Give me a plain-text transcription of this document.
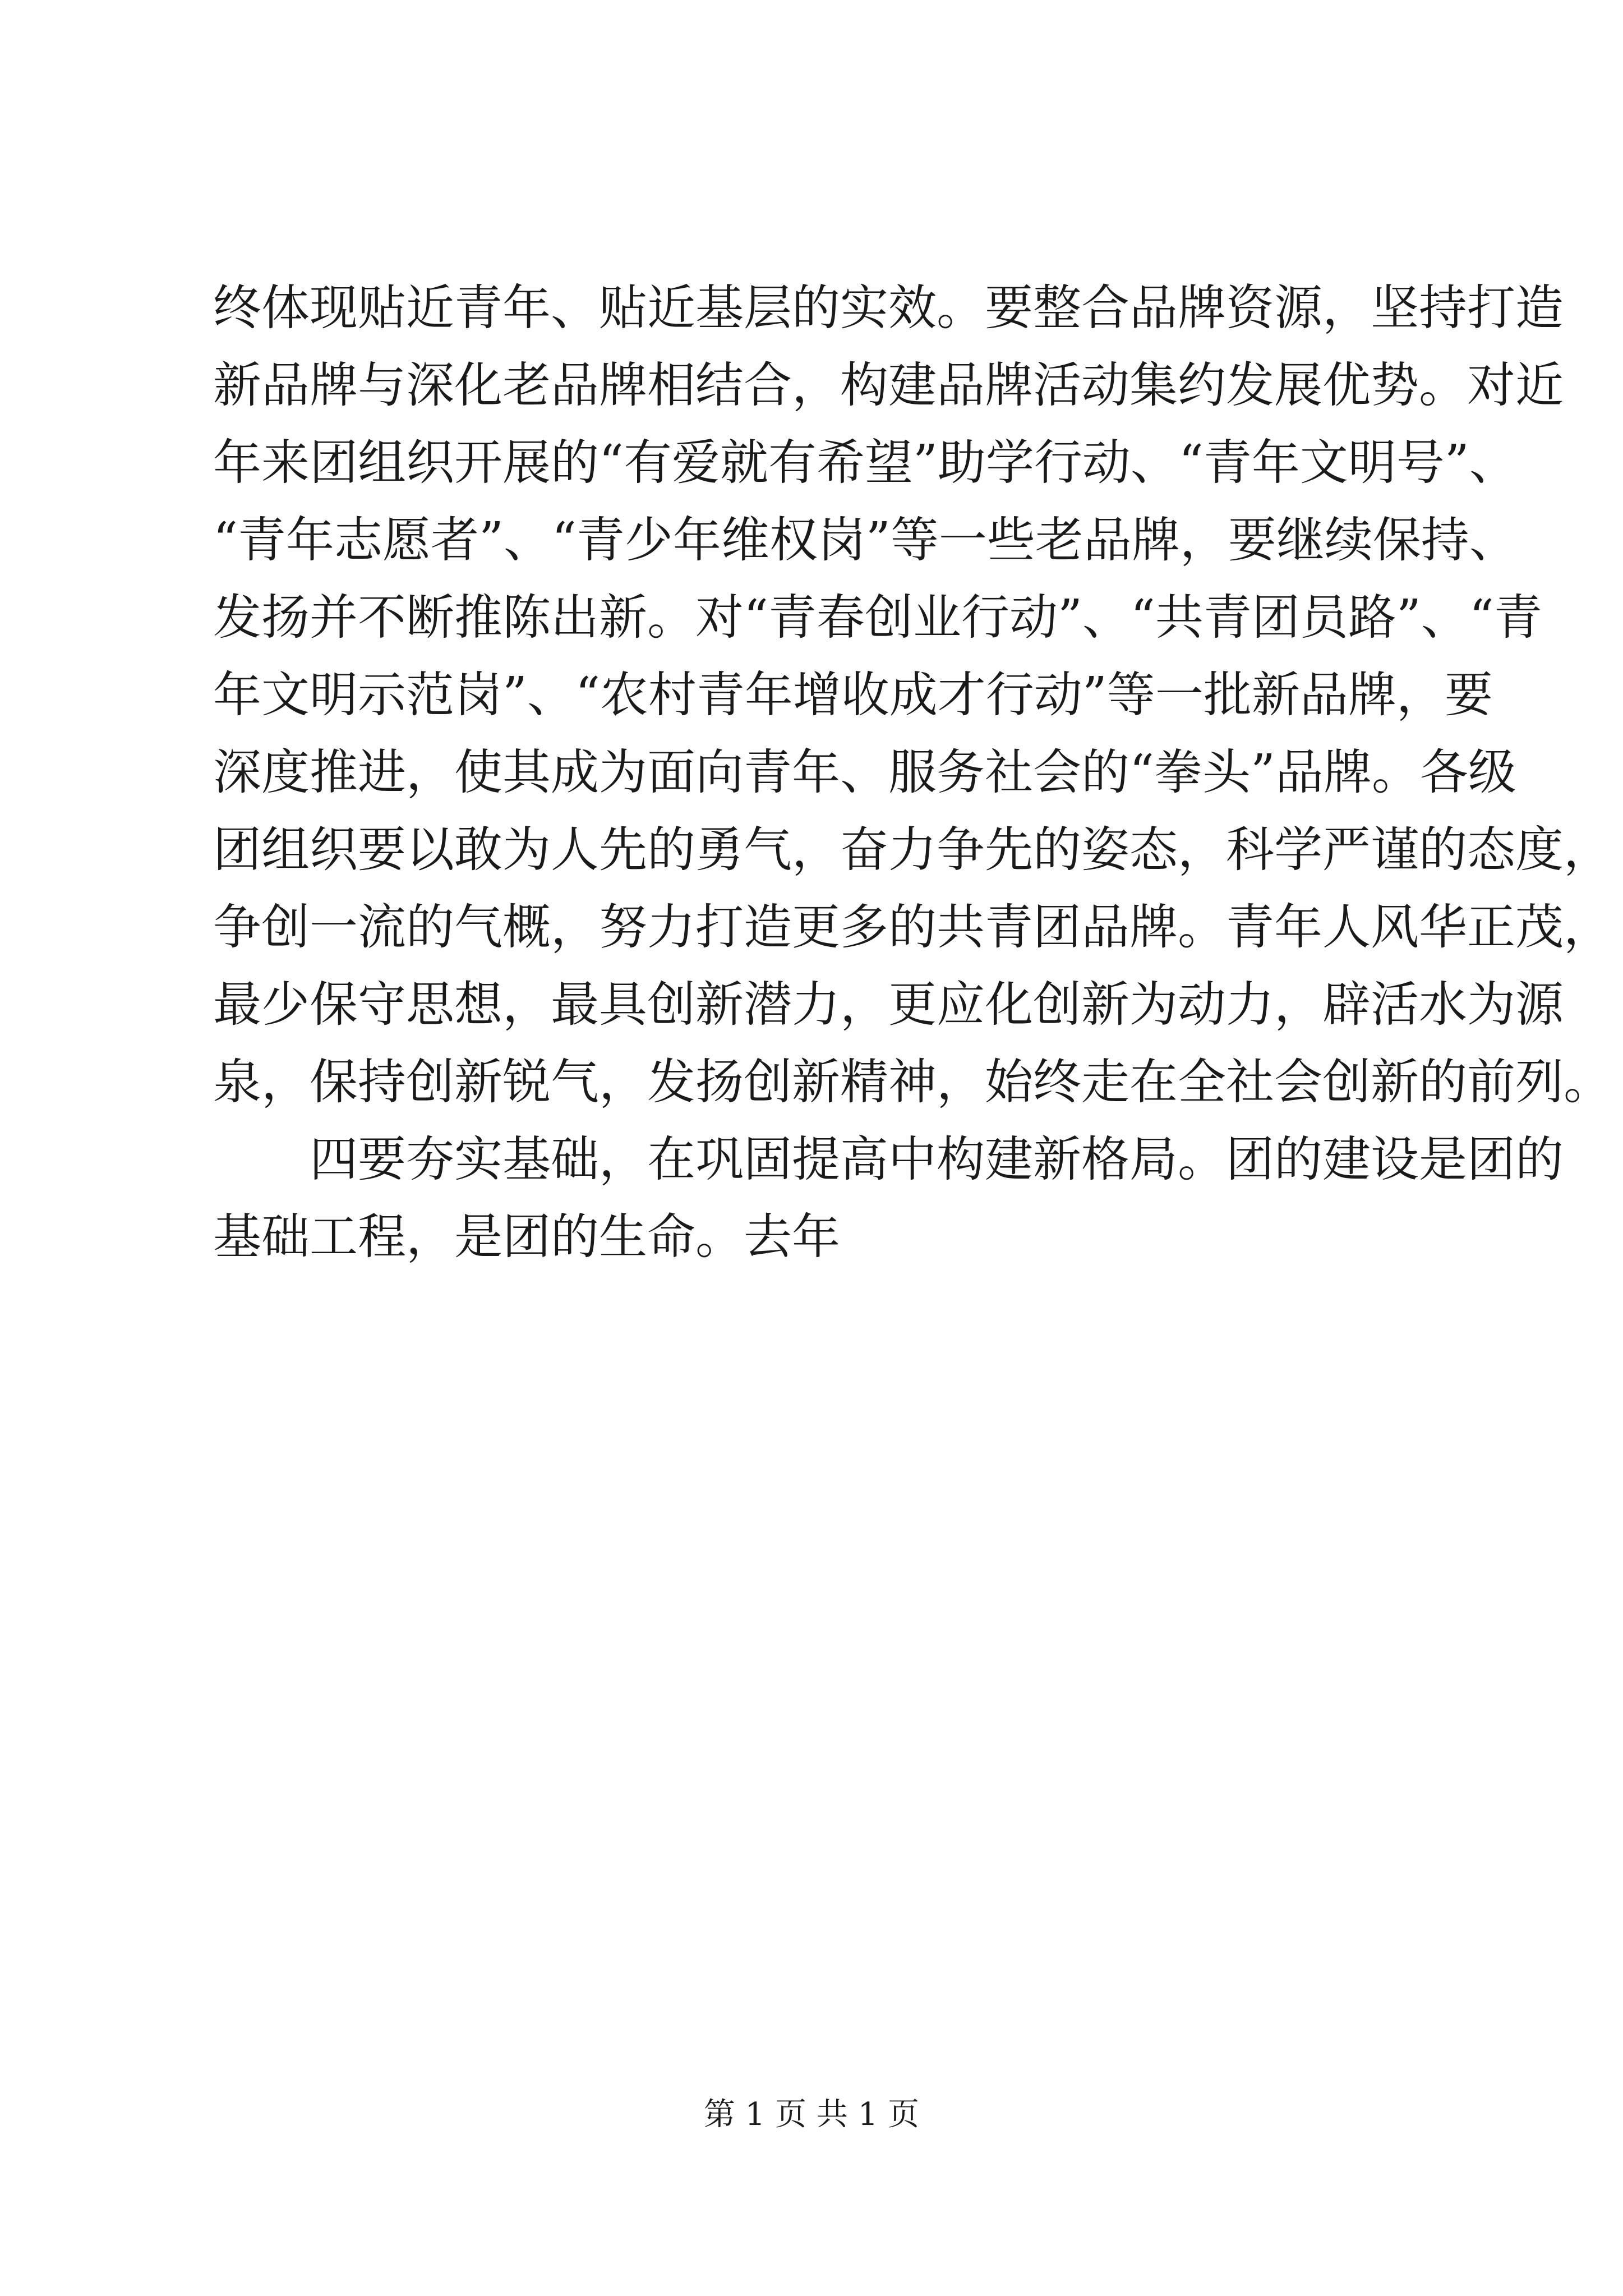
终体现贴近青年、贴近基层的实效。要整合品牌资源，坚持打造
新品牌与深化老品牌相结合，构建品牌活动集约发展优势。对近
年来团组织开展的“有爱就有希望”助学行动、“青年文明号”、
“青年志愿者”、“青少年维权岗”等一些老品牌，要继续保持、
发扬并不断推陈出新。对“青春创业行动”、“共青团员路”、“青
年文明示范岗”、“农村青年增收成才行动”等一批新品牌，要
深度推进，使其成为面向青年、服务社会的“拳头”品牌。各级
团组织要以敢为人先的勇气，奋力争先的姿态，科学严谨的态度，
争创一流的气概，努力打造更多的共青团品牌。青年人风华正茂，
最少保守思想，最具创新潜力，更应化创新为动力，辟活水为源
泉，保持创新锐气，发扬创新精神，始终走在全社会创新的前列。
四要夯实基础，在巩固提高中构建新格局。团的建设是团的
基础工程，是团的生命。去年
第 1 页 共 1 页
